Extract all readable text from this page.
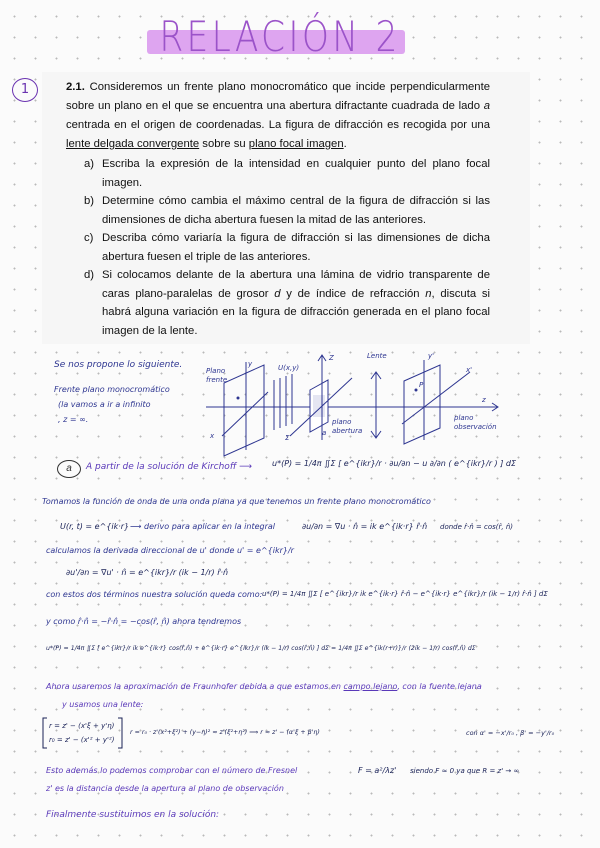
RELACIÓN 2
1	2.1. Consideremos un frente plano monocromático que incide perpendicularmente sobre un plano en el que se encuentra una abertura difractante cuadrada de lado a centrada en el origen de coordenadas. La figura de difracción es recogida por una lente delgada convergente sobre su plano focal imagen.
a) Escriba la expresión de la intensidad en cualquier punto del plano focal imagen.
b) Determine cómo cambia el máximo central de la figura de difracción si las dimensiones de dicha abertura fuesen la mitad de las anteriores.
c) Describa cómo variaría la figura de difracción si las dimensiones de dicha abertura fuesen el triple de las anteriores.
d) Si colocamos delante de la abertura una lámina de vidrio transparente de caras plano-paralelas de grosor d y de índice de refracción n, discuta si habrá alguna variación en la figura de difracción generada en el plano focal imagen de la lente.
Se nos propone lo siguiente.
Frente plano monocromático
(la vamos a ir a infinito
, z = ∞.
Plano
frente
U(x,y)
Z	Lente
y
y'
x
x'
z
P
Σ
a
plano
abertura
plano
observación
a	A partir de la solución de Kirchoff ⟶ u*(P) = 1/4π ∬Σ [ e^{ikr}/r · ∂u/∂n − u ∂/∂n ( e^{ikr}/r ) ] dΣ
Tomamos la función de onda de una onda plana ya que tenemos un frente plano monocromático
U(r, t) = e^{ik·r} ⟶ derivo para aplicar en la integral	∂u/∂n = ∇u · n̂ = ik e^{ik·r} r̂·n̂ donde r̂·n̂ = cos(r̂, n̂)
calculamos la derivada direccional de u' donde u' = e^{ikr}/r
∂u'/∂n = ∇u' · n̂ = e^{ikr}/r (ik − 1/r) r̂·n̂
con estos dos términos nuestra solución queda como: u*(P) = 1/4π ∬Σ [ e^{ikr}/r ik e^{ik·r} r̂·n̂ − e^{ik·r} e^{ikr}/r (ik − 1/r) r̂·n̂ ] dΣ
y como r̂·n̂ = −r̂·n̂ = −cos(r̂, n̂) ahora tendremos
u*(P) = 1/4π ∬Σ [ e^{ikr}/r ik e^{ik·r} cos(r̂,n̂) + e^{ik·r} e^{ikr}/r (ik − 1/r) cos(r̂,n̂) ] dΣ = 1/4π ∬Σ e^{ik(r+r)}/r (2ik − 1/r) cos(r̂,n̂) dΣ
Ahora usaremos la aproximación de Fraunhofer debida a que estamos en campo lejano, con la fuente lejana
y usamos una lente:
r = z' − (x'ξ + y'η)
r₀ = z' − (x'² + y'²)
r = r₀ · z'(x²+ξ²) + (y−η)² ≈ z'(ξ²+η²) ⟹ r ≈ z' − (α'ξ + β'η)	con α' = −x'/r₀ , β' = −y'/r₀
Esto además lo podemos comprobar con el número de Fresnel	F = a²/λz' siendo F ≈ 0 ya que R = z' → ∞
z' es la distancia desde la apertura al plano de observación
Finalmente sustituimos en la solución:
